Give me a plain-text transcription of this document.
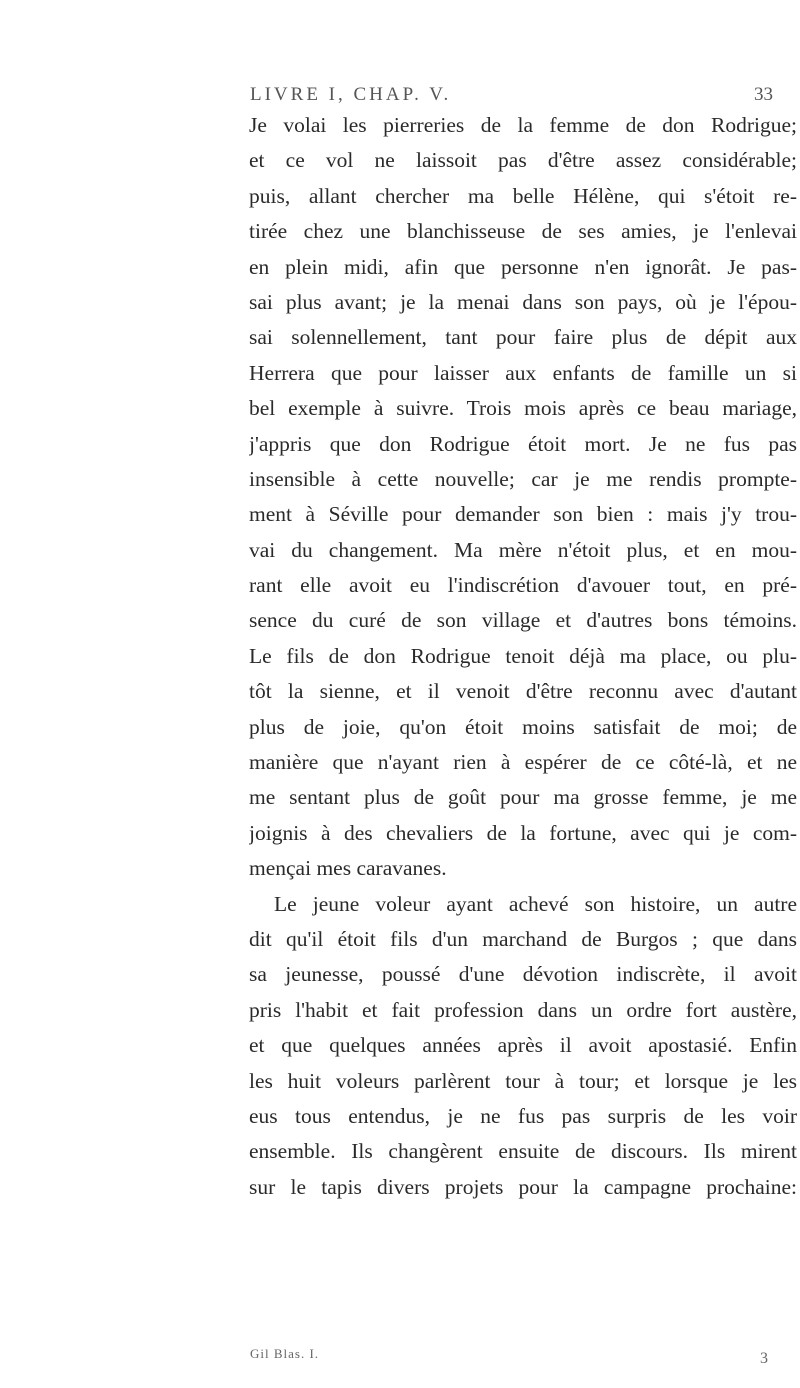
LIVRE I, CHAP. V.	33
Je volai les pierreries de la femme de don Rodrigue;
et ce vol ne laissoit pas d'être assez considérable;
puis, allant chercher ma belle Hélène, qui s'étoit re-
tirée chez une blanchisseuse de ses amies, je l'enlevai
en plein midi, afin que personne n'en ignorât. Je pas-
sai plus avant; je la menai dans son pays, où je l'épou-
sai solennellement, tant pour faire plus de dépit aux
Herrera que pour laisser aux enfants de famille un si
bel exemple à suivre. Trois mois après ce beau mariage,
j'appris que don Rodrigue étoit mort. Je ne fus pas
insensible à cette nouvelle; car je me rendis prompte-
ment à Séville pour demander son bien : mais j'y trou-
vai du changement. Ma mère n'étoit plus, et en mou-
rant elle avoit eu l'indiscrétion d'avouer tout, en pré-
sence du curé de son village et d'autres bons témoins.
Le fils de don Rodrigue tenoit déjà ma place, ou plu-
tôt la sienne, et il venoit d'être reconnu avec d'autant
plus de joie, qu'on étoit moins satisfait de moi; de
manière que n'ayant rien à espérer de ce côté-là, et ne
me sentant plus de goût pour ma grosse femme, je me
joignis à des chevaliers de la fortune, avec qui je com-
mençai mes caravanes.
Le jeune voleur ayant achevé son histoire, un autre
dit qu'il étoit fils d'un marchand de Burgos ; que dans
sa jeunesse, poussé d'une dévotion indiscrète, il avoit
pris l'habit et fait profession dans un ordre fort austère,
et que quelques années après il avoit apostasié. Enfin
les huit voleurs parlèrent tour à tour; et lorsque je les
eus tous entendus, je ne fus pas surpris de les voir
ensemble. Ils changèrent ensuite de discours. Ils mirent
sur le tapis divers projets pour la campagne prochaine:
Gil Blas. I.	3
